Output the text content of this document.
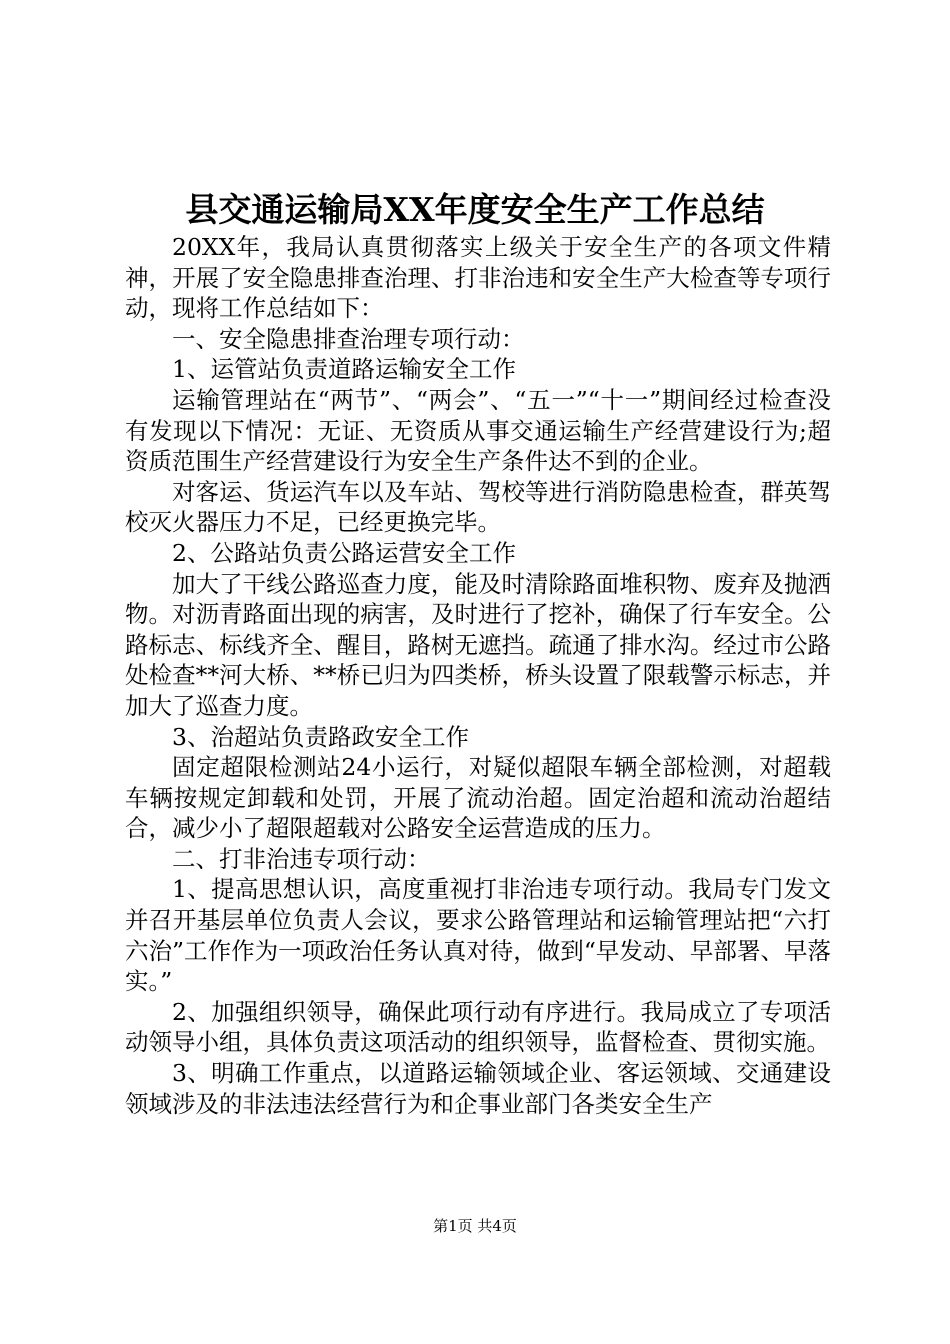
县交通运输局XX年度安全生产工作总结

20XX年，我局认真贯彻落实上级关于安全生产的各项文件精神，开展了安全隐患排查治理、打非治违和安全生产大检查等专项行动，现将工作总结如下：

一、安全隐患排查治理专项行动：

1、运管站负责道路运输安全工作

运输管理站在“两节”、“两会”、“五一”“十一”期间经过检查没有发现以下情况：无证、无资质从事交通运输生产经营建设行为;超资质范围生产经营建设行为安全生产条件达不到的企业。

对客运、货运汽车以及车站、驾校等进行消防隐患检查，群英驾校灭火器压力不足，已经更换完毕。

2、公路站负责公路运营安全工作

加大了干线公路巡查力度，能及时清除路面堆积物、废弃及抛洒物。对沥青路面出现的病害，及时进行了挖补，确保了行车安全。公路标志、标线齐全、醒目，路树无遮挡。疏通了排水沟。经过市公路处检查**河大桥、**桥已归为四类桥，桥头设置了限载警示标志，并加大了巡查力度。

3、治超站负责路政安全工作

固定超限检测站24小运行，对疑似超限车辆全部检测，对超载车辆按规定卸载和处罚，开展了流动治超。固定治超和流动治超结合，减少小了超限超载对公路安全运营造成的压力。

二、打非治违专项行动：

1、提高思想认识，高度重视打非治违专项行动。我局专门发文并召开基层单位负责人会议，要求公路管理站和运输管理站把“六打六治”工作作为一项政治任务认真对待，做到“早发动、早部署、早落实。”

2、加强组织领导，确保此项行动有序进行。我局成立了专项活动领导小组，具体负责这项活动的组织领导，监督检查、贯彻实施。

3、明确工作重点，以道路运输领域企业、客运领域、交通建设领域涉及的非法违法经营行为和企事业部门各类安全生产

第1页 共4页
